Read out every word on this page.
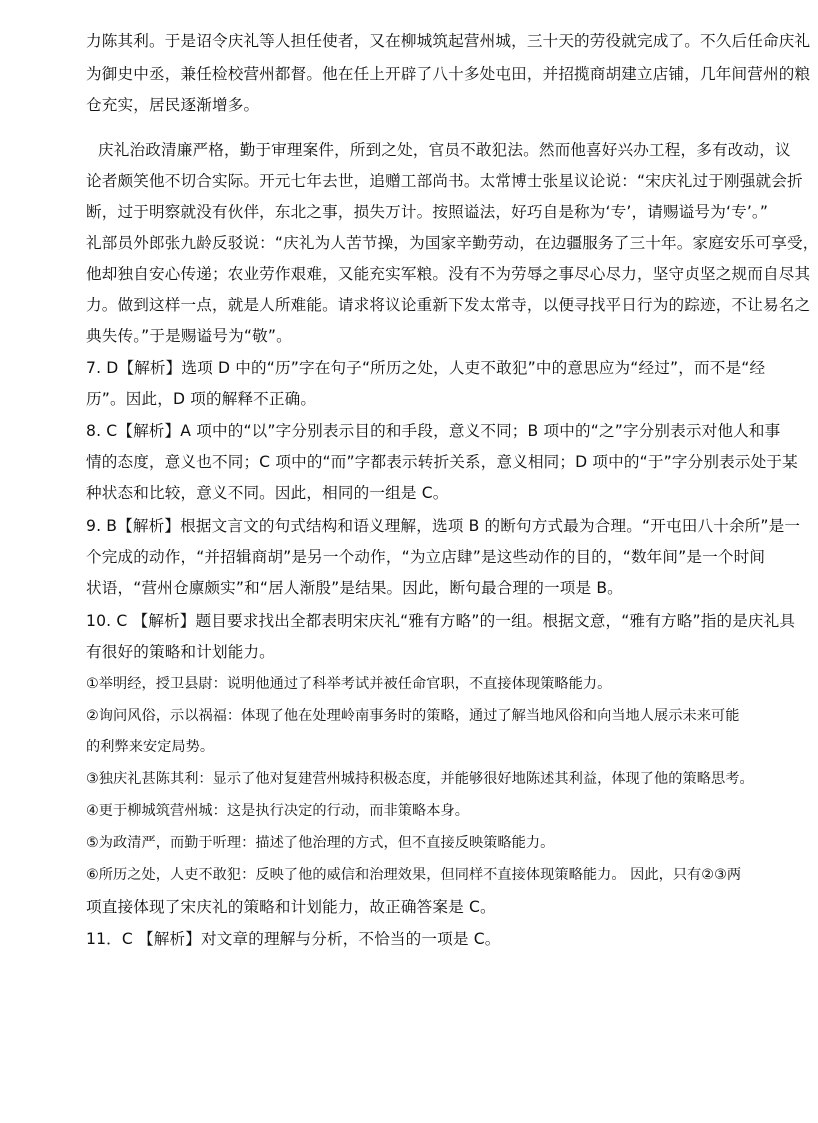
力陈其利。于是诏令庆礼等人担任使者，又在柳城筑起营州城，三十天的劳役就完成了。不久后任命庆礼
为御史中丞，兼任检校营州都督。他在任上开辟了八十多处屯田，并招揽商胡建立店铺，几年间营州的粮
仓充实，居民逐渐增多。
庆礼治政清廉严格，勤于审理案件，所到之处，官员不敢犯法。然而他喜好兴办工程，多有改动，议
论者颇笑他不切合实际。开元七年去世，追赠工部尚书。太常博士张星议论说：“宋庆礼过于刚强就会折
断，过于明察就没有伙伴，东北之事，损失万计。按照谥法，好巧自是称为‘专’，请赐谥号为‘专’。”
礼部员外郎张九龄反驳说：“庆礼为人苦节操，为国家辛勤劳动，在边疆服务了三十年。家庭安乐可享受，
他却独自安心传递；农业劳作艰难，又能充实军粮。没有不为劳辱之事尽心尽力，坚守贞坚之规而自尽其
力。做到这样一点，就是人所难能。请求将议论重新下发太常寺，以便寻找平日行为的踪迹，不让易名之
典失传。”于是赐谥号为“敬”。
7. D【解析】选项 D 中的“历”字在句子“所历之处，人吏不敢犯”中的意思应为“经过”，而不是“经
历”。因此，D 项的解释不正确。
8. C【解析】A 项中的“以”字分别表示目的和手段，意义不同；B 项中的“之”字分别表示对他人和事
情的态度，意义也不同；C 项中的“而”字都表示转折关系，意义相同；D 项中的“于”字分别表示处于某
种状态和比较，意义不同。因此，相同的一组是 C。
9. B【解析】根据文言文的句式结构和语义理解，选项 B 的断句方式最为合理。“开屯田八十余所”是一
个完成的动作，“并招辑商胡”是另一个动作，“为立店肆”是这些动作的目的，“数年间”是一个时间
状语，“营州仓廪颇实”和“居人渐殷”是结果。因此，断句最合理的一项是 B。
10. C 【解析】题目要求找出全都表明宋庆礼“雅有方略”的一组。根据文意，“雅有方略”指的是庆礼具
有很好的策略和计划能力。
①举明经，授卫县尉：说明他通过了科举考试并被任命官职，不直接体现策略能力。
②询问风俗，示以祸福：体现了他在处理岭南事务时的策略，通过了解当地风俗和向当地人展示未来可能
的利弊来安定局势。
③独庆礼甚陈其利：显示了他对复建营州城持积极态度，并能够很好地陈述其利益，体现了他的策略思考。
④更于柳城筑营州城：这是执行决定的行动，而非策略本身。
⑤为政清严，而勤于听理：描述了他治理的方式，但不直接反映策略能力。
⑥所历之处，人吏不敢犯：反映了他的威信和治理效果，但同样不直接体现策略能力。 因此，只有②③两
项直接体现了宋庆礼的策略和计划能力，故正确答案是 C。
11．C 【解析】对文章的理解与分析，不恰当的一项是 C。
